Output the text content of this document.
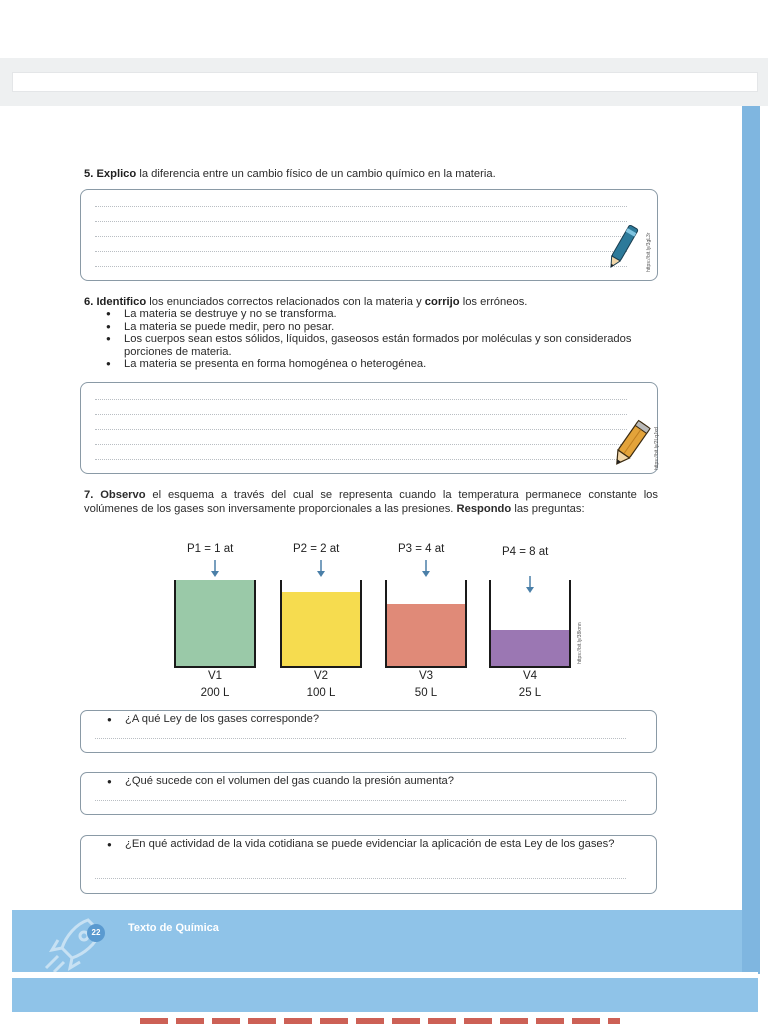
5. Explico la diferencia entre un cambio físico de un cambio químico en la materia.
https://bit.ly/3gL3r
6. Identifico los enunciados correctos relacionados con la materia y corrijo los erróneos.
● La materia se destruye y no se transforma.
● La materia se puede medir, pero no pesar.
● Los cuerpos sean estos sólidos, líquidos, gaseosos están formados por moléculas y son considerados porciones de materia.
● La materia se presenta en forma homogénea o heterogénea.
https://bit.ly/2LqJxd
7. Observo el esquema a través del cual se representa cuando la temperatura permanece constante los volúmenes de los gases son inversamente proporcionales a las presiones. Respondo las preguntas:
P1 = 1 at
V1
200 L
P2 = 2 at
V2
100 L
P3 = 4 at
V3
50 L
P4 = 8 at
V4
25 L
https://bit.ly/38kmn
● ¿A qué Ley de los gases corresponde?
● ¿Qué sucede con el volumen del gas cuando la presión aumenta?
● ¿En qué actividad de la vida cotidiana se puede evidenciar la aplicación de esta Ley de los gases?
22	Texto de Química
